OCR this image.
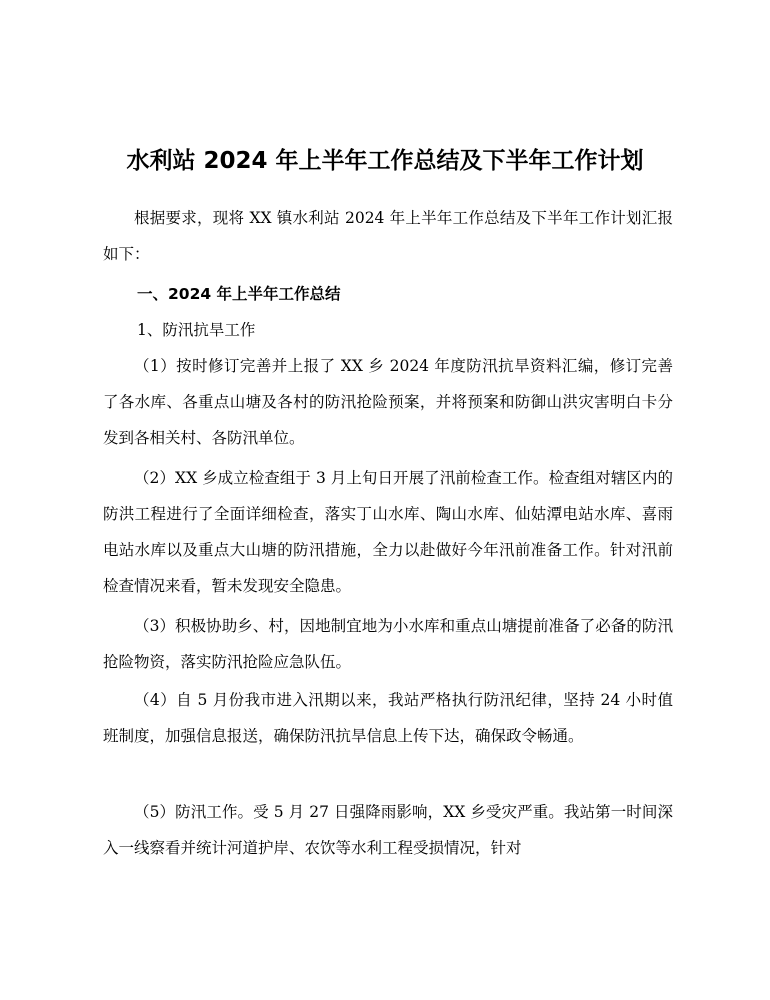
水利站 2024 年上半年工作总结及下半年工作计划

根据要求，现将 XX 镇水利站 2024 年上半年工作总结及下半年工作计划汇报如下：

一、2024 年上半年工作总结

1、防汛抗旱工作

（1）按时修订完善并上报了 XX 乡 2024 年度防汛抗旱资料汇编，修订完善了各水库、各重点山塘及各村的防汛抢险预案，并将预案和防御山洪灾害明白卡分发到各相关村、各防汛单位。

（2）XX 乡成立检查组于 3 月上旬日开展了汛前检查工作。检查组对辖区内的防洪工程进行了全面详细检查，落实丁山水库、陶山水库、仙姑潭电站水库、喜雨电站水库以及重点大山塘的防汛措施，全力以赴做好今年汛前准备工作。针对汛前检查情况来看，暂未发现安全隐患。

（3）积极协助乡、村，因地制宜地为小水库和重点山塘提前准备了必备的防汛抢险物资，落实防汛抢险应急队伍。

（4）自 5 月份我市进入汛期以来，我站严格执行防汛纪律，坚持 24 小时值班制度，加强信息报送，确保防汛抗旱信息上传下达，确保政令畅通。

（5）防汛工作。受 5 月 27 日强降雨影响，XX 乡受灾严重。我站第一时间深入一线察看并统计河道护岸、农饮等水利工程受损情况，针对
